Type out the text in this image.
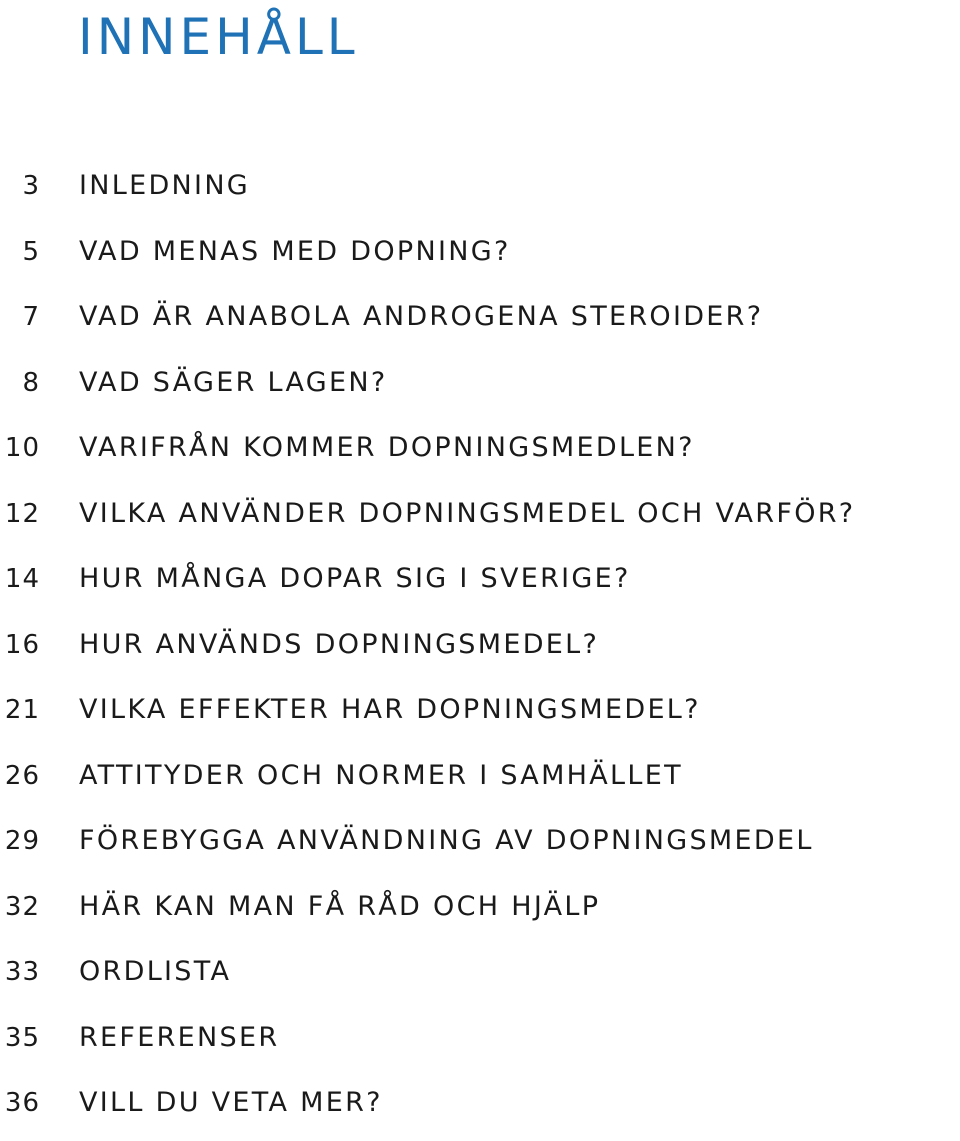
INNEHÅLL
3 INLEDNING
5 VAD MENAS MED DOPNING?
7 VAD ÄR ANABOLA ANDROGENA STEROIDER?
8 VAD SÄGER LAGEN?
10 VARIFRÅN KOMMER DOPNINGSMEDLEN?
12 VILKA ANVÄNDER DOPNINGSMEDEL OCH VARFÖR?
14 HUR MÅNGA DOPAR SIG I SVERIGE?
16 HUR ANVÄNDS DOPNINGSMEDEL?
21 VILKA EFFEKTER HAR DOPNINGSMEDEL?
26 ATTITYDER OCH NORMER I SAMHÄLLET
29 FÖREBYGGA ANVÄNDNING AV DOPNINGSMEDEL
32 HÄR KAN MAN FÅ RÅD OCH HJÄLP
33 ORDLISTA
35 REFERENSER
36 VILL DU VETA MER?
